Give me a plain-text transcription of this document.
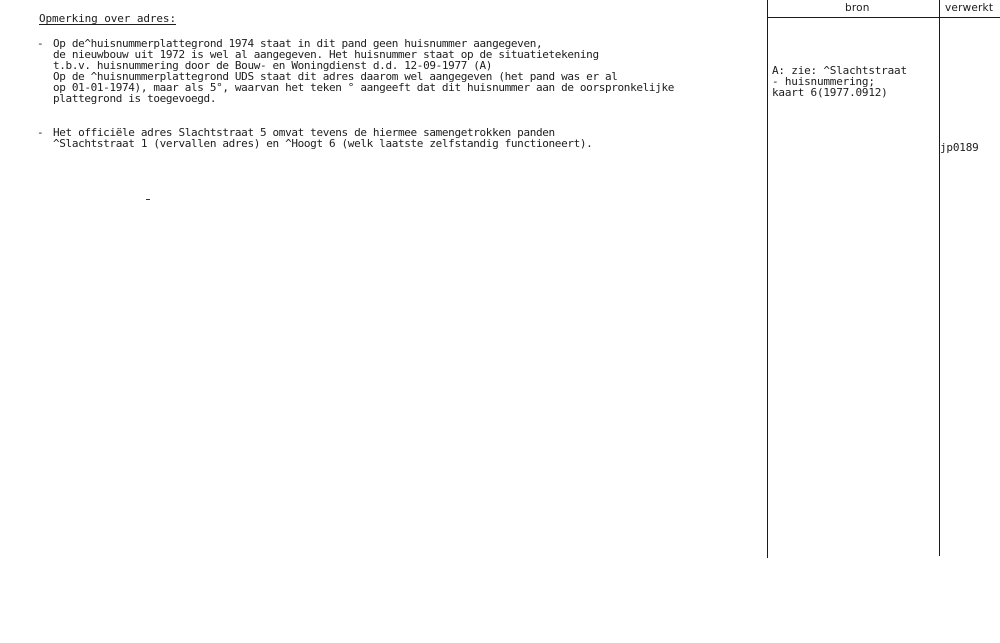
bron	verwerkt
Opmerking over adres:
- Op de^huisnummerplattegrond 1974 staat in dit pand geen huisnummer aangegeven,
de nieuwbouw uit 1972 is wel al aangegeven. Het huisnummer staat op de situatietekening
t.b.v. huisnummering door de Bouw- en Woningdienst d.d. 12-09-1977 (A)
Op de ^huisnummerplattegrond UDS staat dit adres daarom wel aangegeven (het pand was er al
op 01-01-1974), maar als 5°, waarvan het teken ° aangeeft dat dit huisnummer aan de oorspronkelijke
plattegrond is toegevoegd.
- Het officiële adres Slachtstraat 5 omvat tevens de hiermee samengetrokken panden
^Slachtstraat 1 (vervallen adres) en ^Hoogt 6 (welk laatste zelfstandig functioneert).
A: zie: ^Slachtstraat
- huisnummering;
kaart 6(1977.0912)
jp0189
